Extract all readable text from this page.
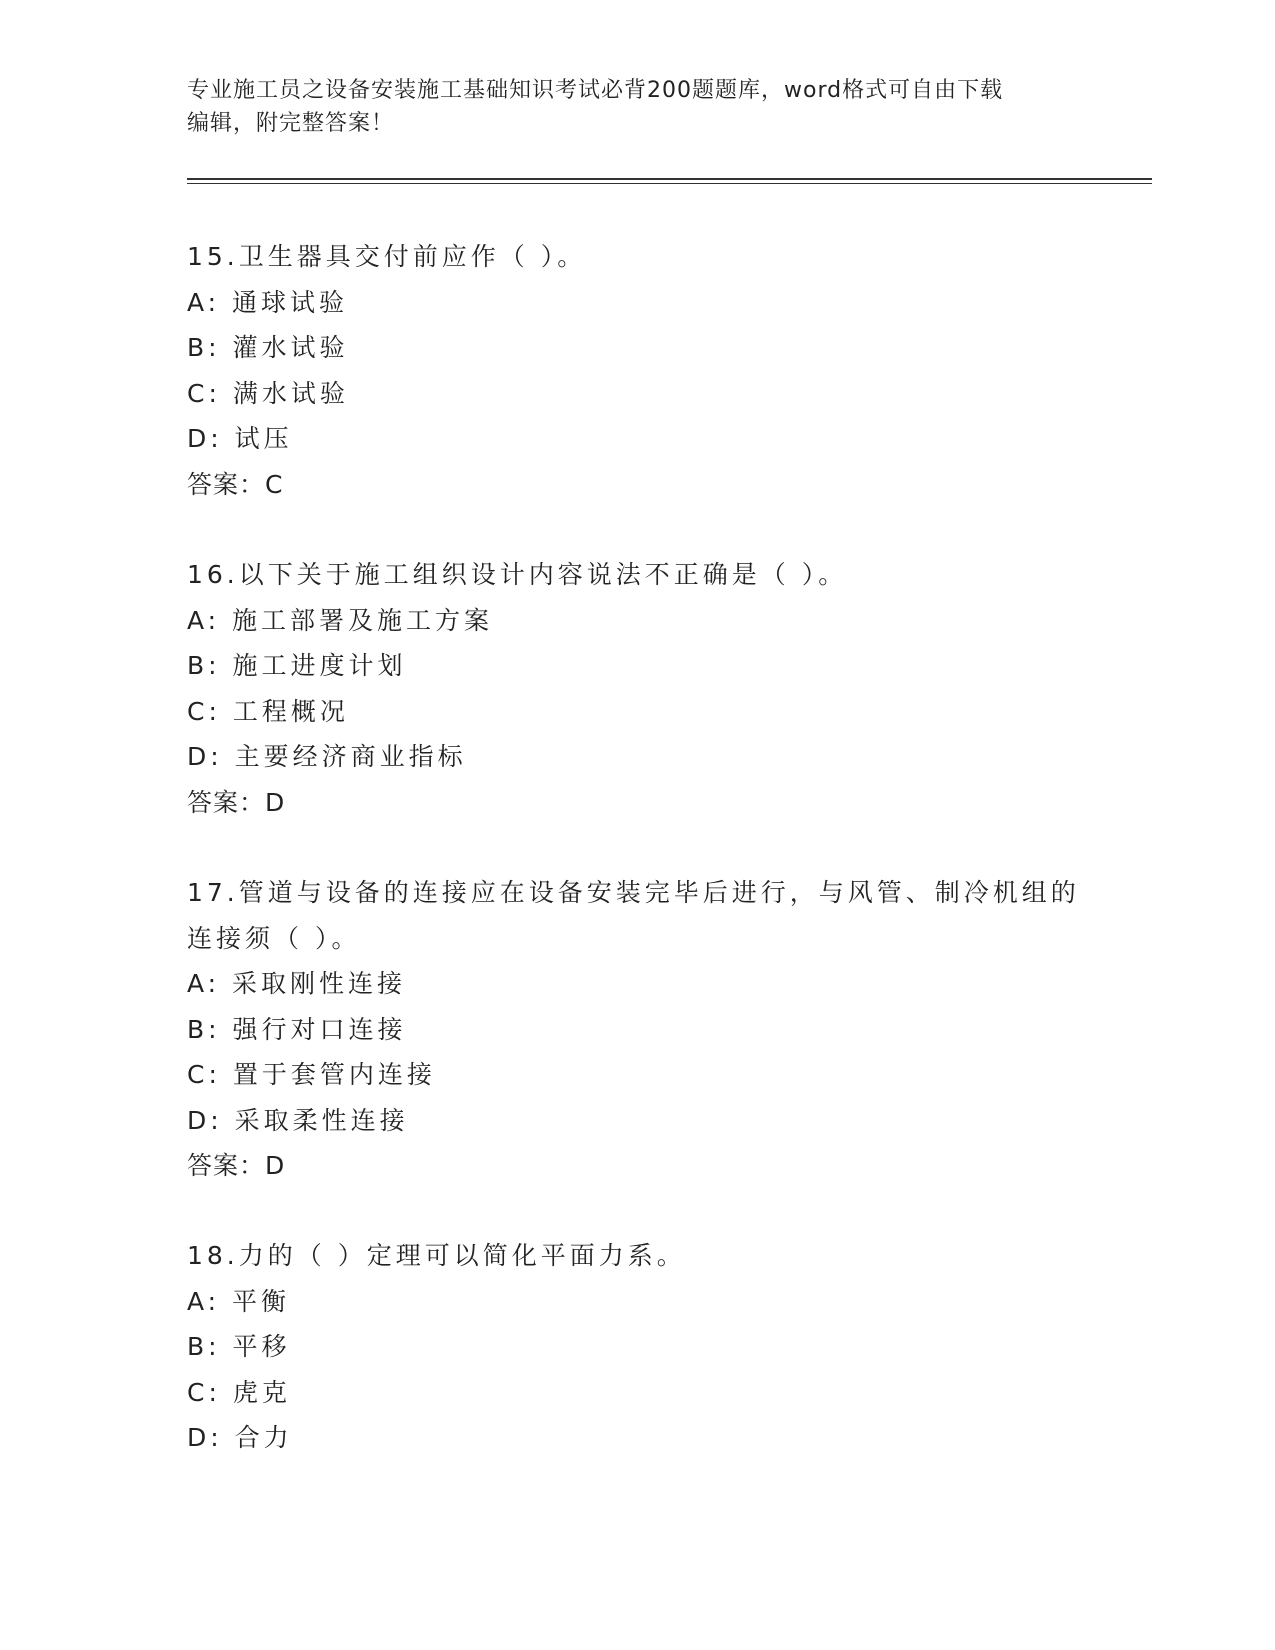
专业施工员之设备安装施工基础知识考试必背200题题库，word格式可自由下载
编辑，附完整答案！
15.卫生器具交付前应作（ ）。
A: 通球试验
B: 灌水试验
C: 满水试验
D: 试压
答案：C
16.以下关于施工组织设计内容说法不正确是（ ）。
A: 施工部署及施工方案
B: 施工进度计划
C: 工程概况
D: 主要经济商业指标
答案：D
17.管道与设备的连接应在设备安装完毕后进行，与风管、制冷机组的
连接须（ ）。
A: 采取刚性连接
B: 强行对口连接
C: 置于套管内连接
D: 采取柔性连接
答案：D
18.力的（ ）定理可以简化平面力系。
A: 平衡
B: 平移
C: 虎克
D: 合力
